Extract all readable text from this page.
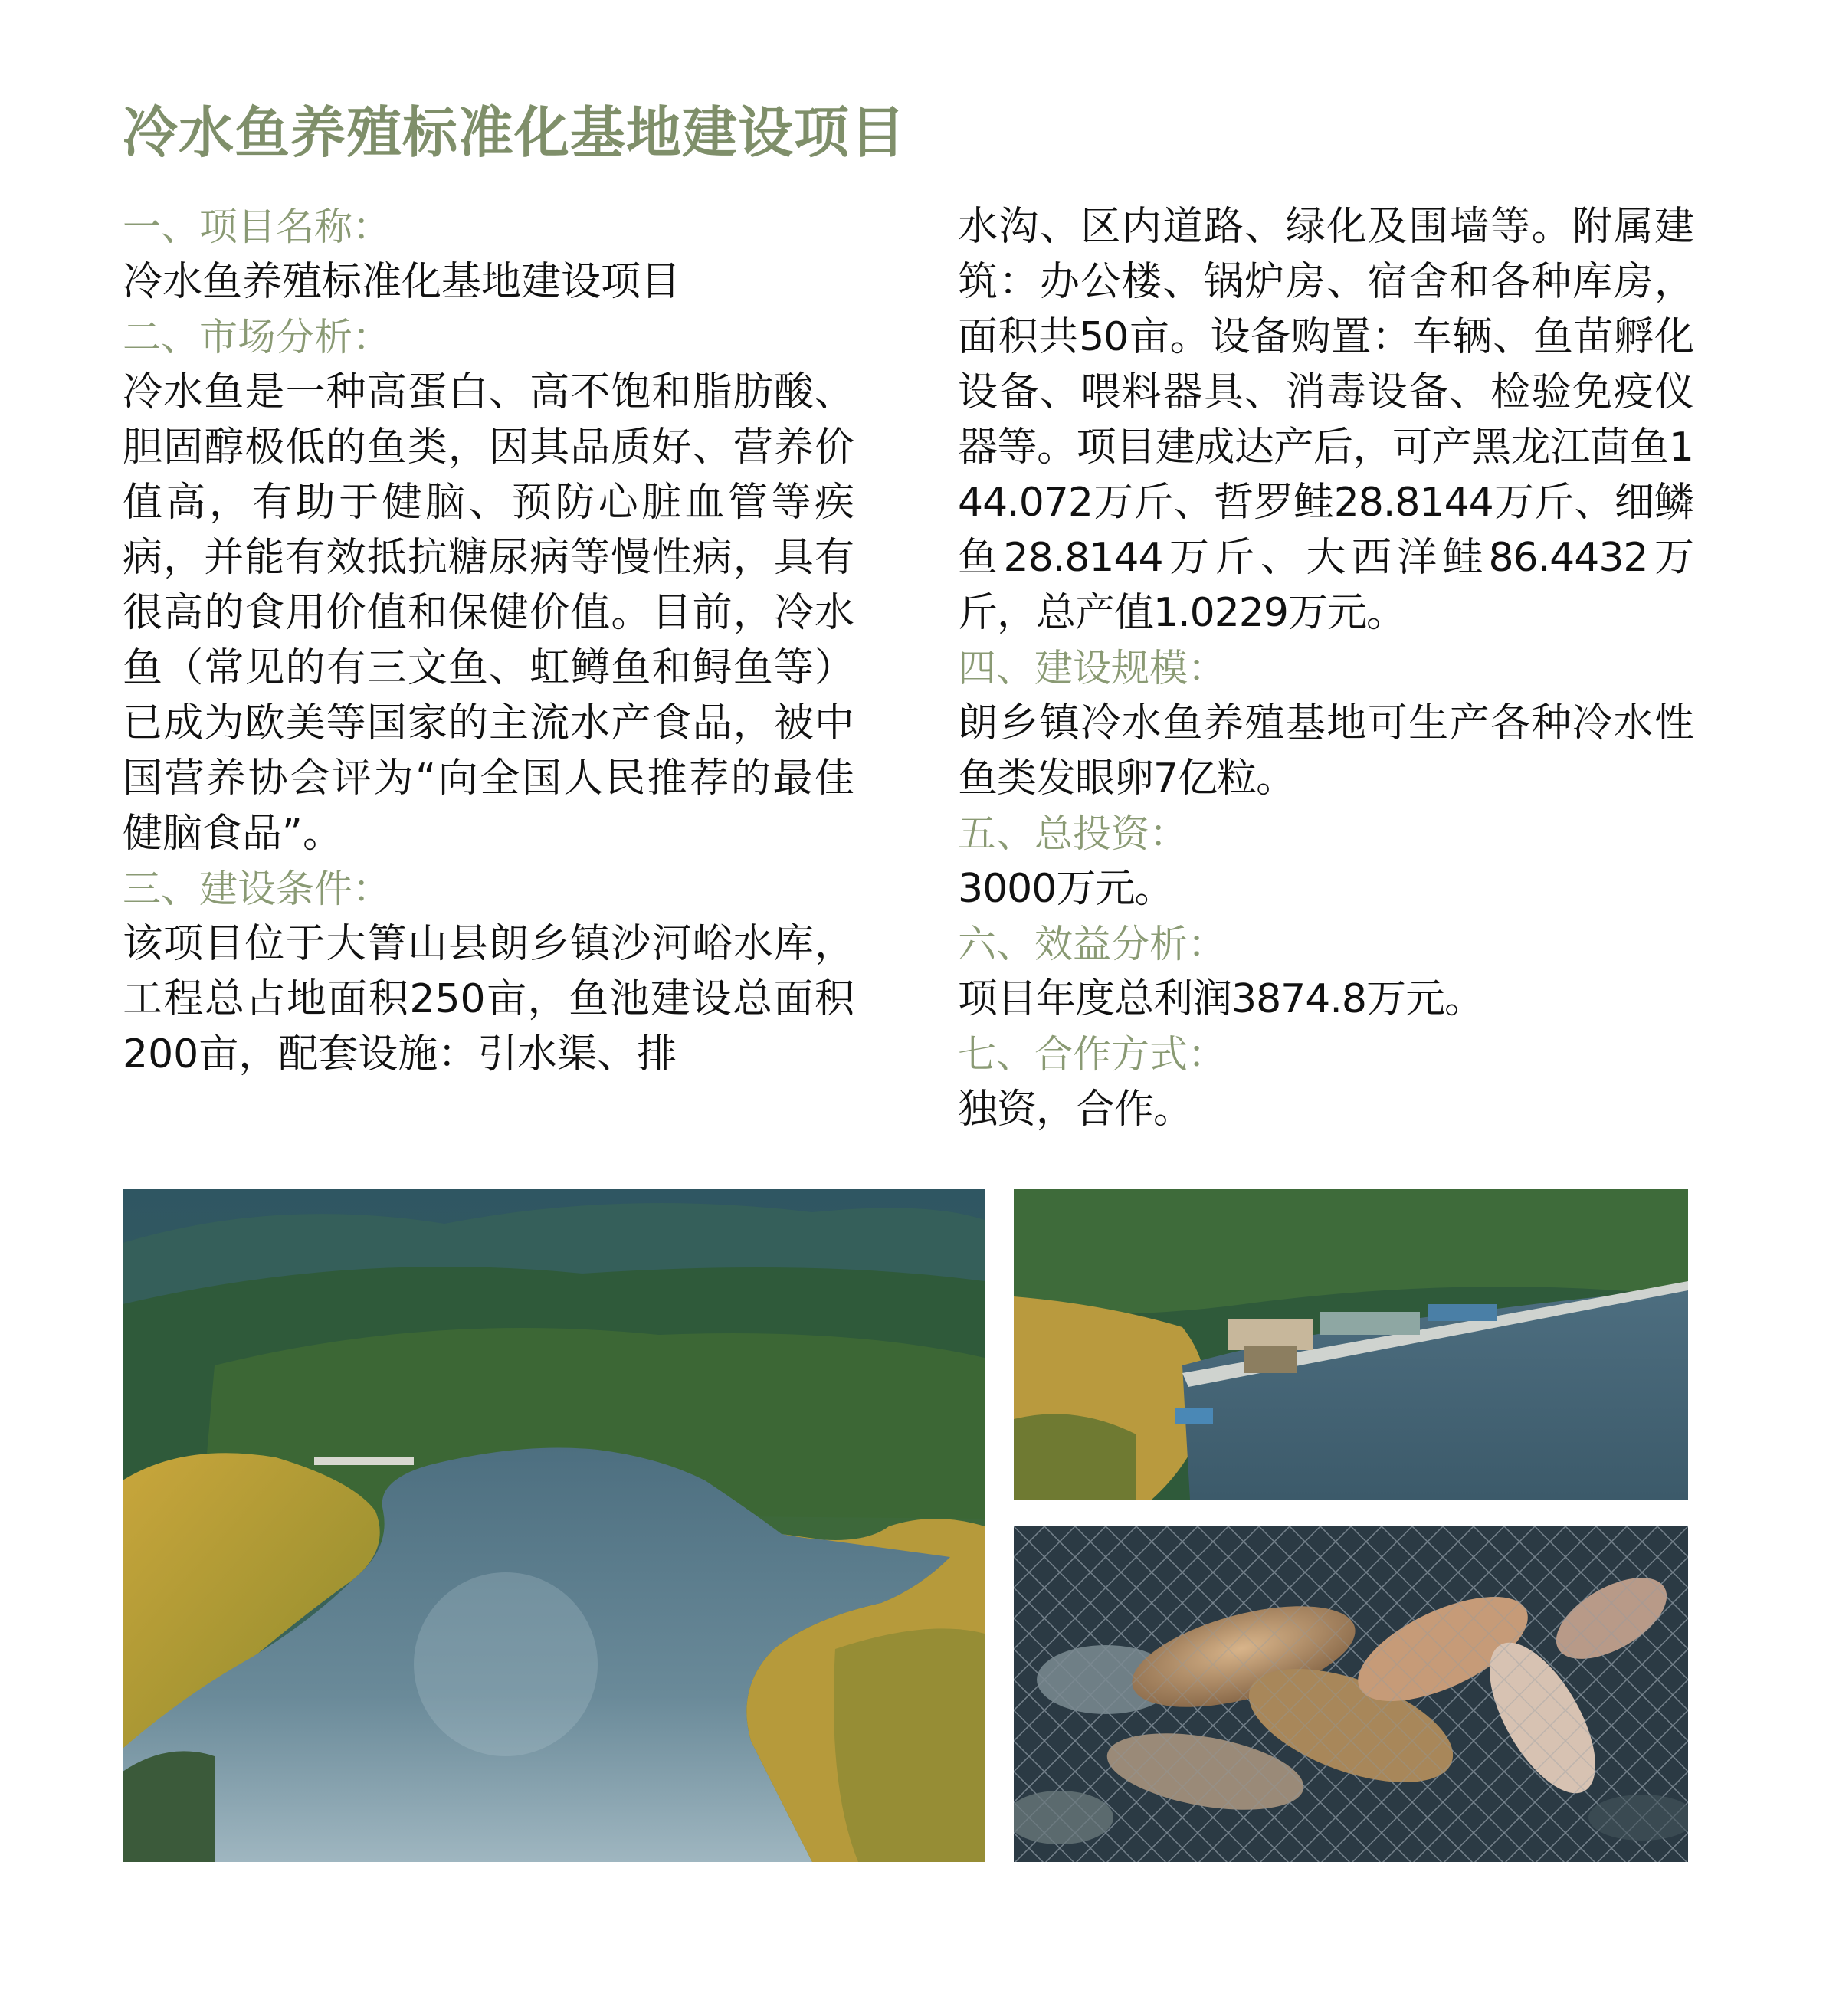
冷水鱼养殖标准化基地建设项目
一、项目名称：
冷水鱼养殖标准化基地建设项目
二、市场分析：
冷水鱼是一种高蛋白、高不饱和脂肪酸、胆固醇极低的鱼类，因其品质好、营养价值高，有助于健脑、预防心脏血管等疾病，并能有效抵抗糖尿病等慢性病，具有很高的食用价值和保健价值。目前，冷水鱼（常见的有三文鱼、虹鳟鱼和鲟鱼等）已成为欧美等国家的主流水产食品，被中国营养协会评为“向全国人民推荐的最佳健脑食品”。
三、建设条件：
该项目位于大箐山县朗乡镇沙河峪水库，工程总占地面积250亩，鱼池建设总面积200亩，配套设施：引水渠、排
水沟、区内道路、绿化及围墙等。附属建筑：办公楼、锅炉房、宿舍和各种库房，面积共50亩。设备购置：车辆、鱼苗孵化设备、喂料器具、消毒设备、检验免疫仪器等。项目建成达产后，可产黑龙江茴鱼144.072万斤、哲罗鲑28.8144万斤、细鳞鱼28.8144万斤、大西洋鲑86.4432万斤，总产值1.0229万元。
四、建设规模：
朗乡镇冷水鱼养殖基地可生产各种冷水性鱼类发眼卵7亿粒。
五、总投资：
3000万元。
六、效益分析：
项目年度总利润3874.8万元。
七、合作方式：
独资，合作。
